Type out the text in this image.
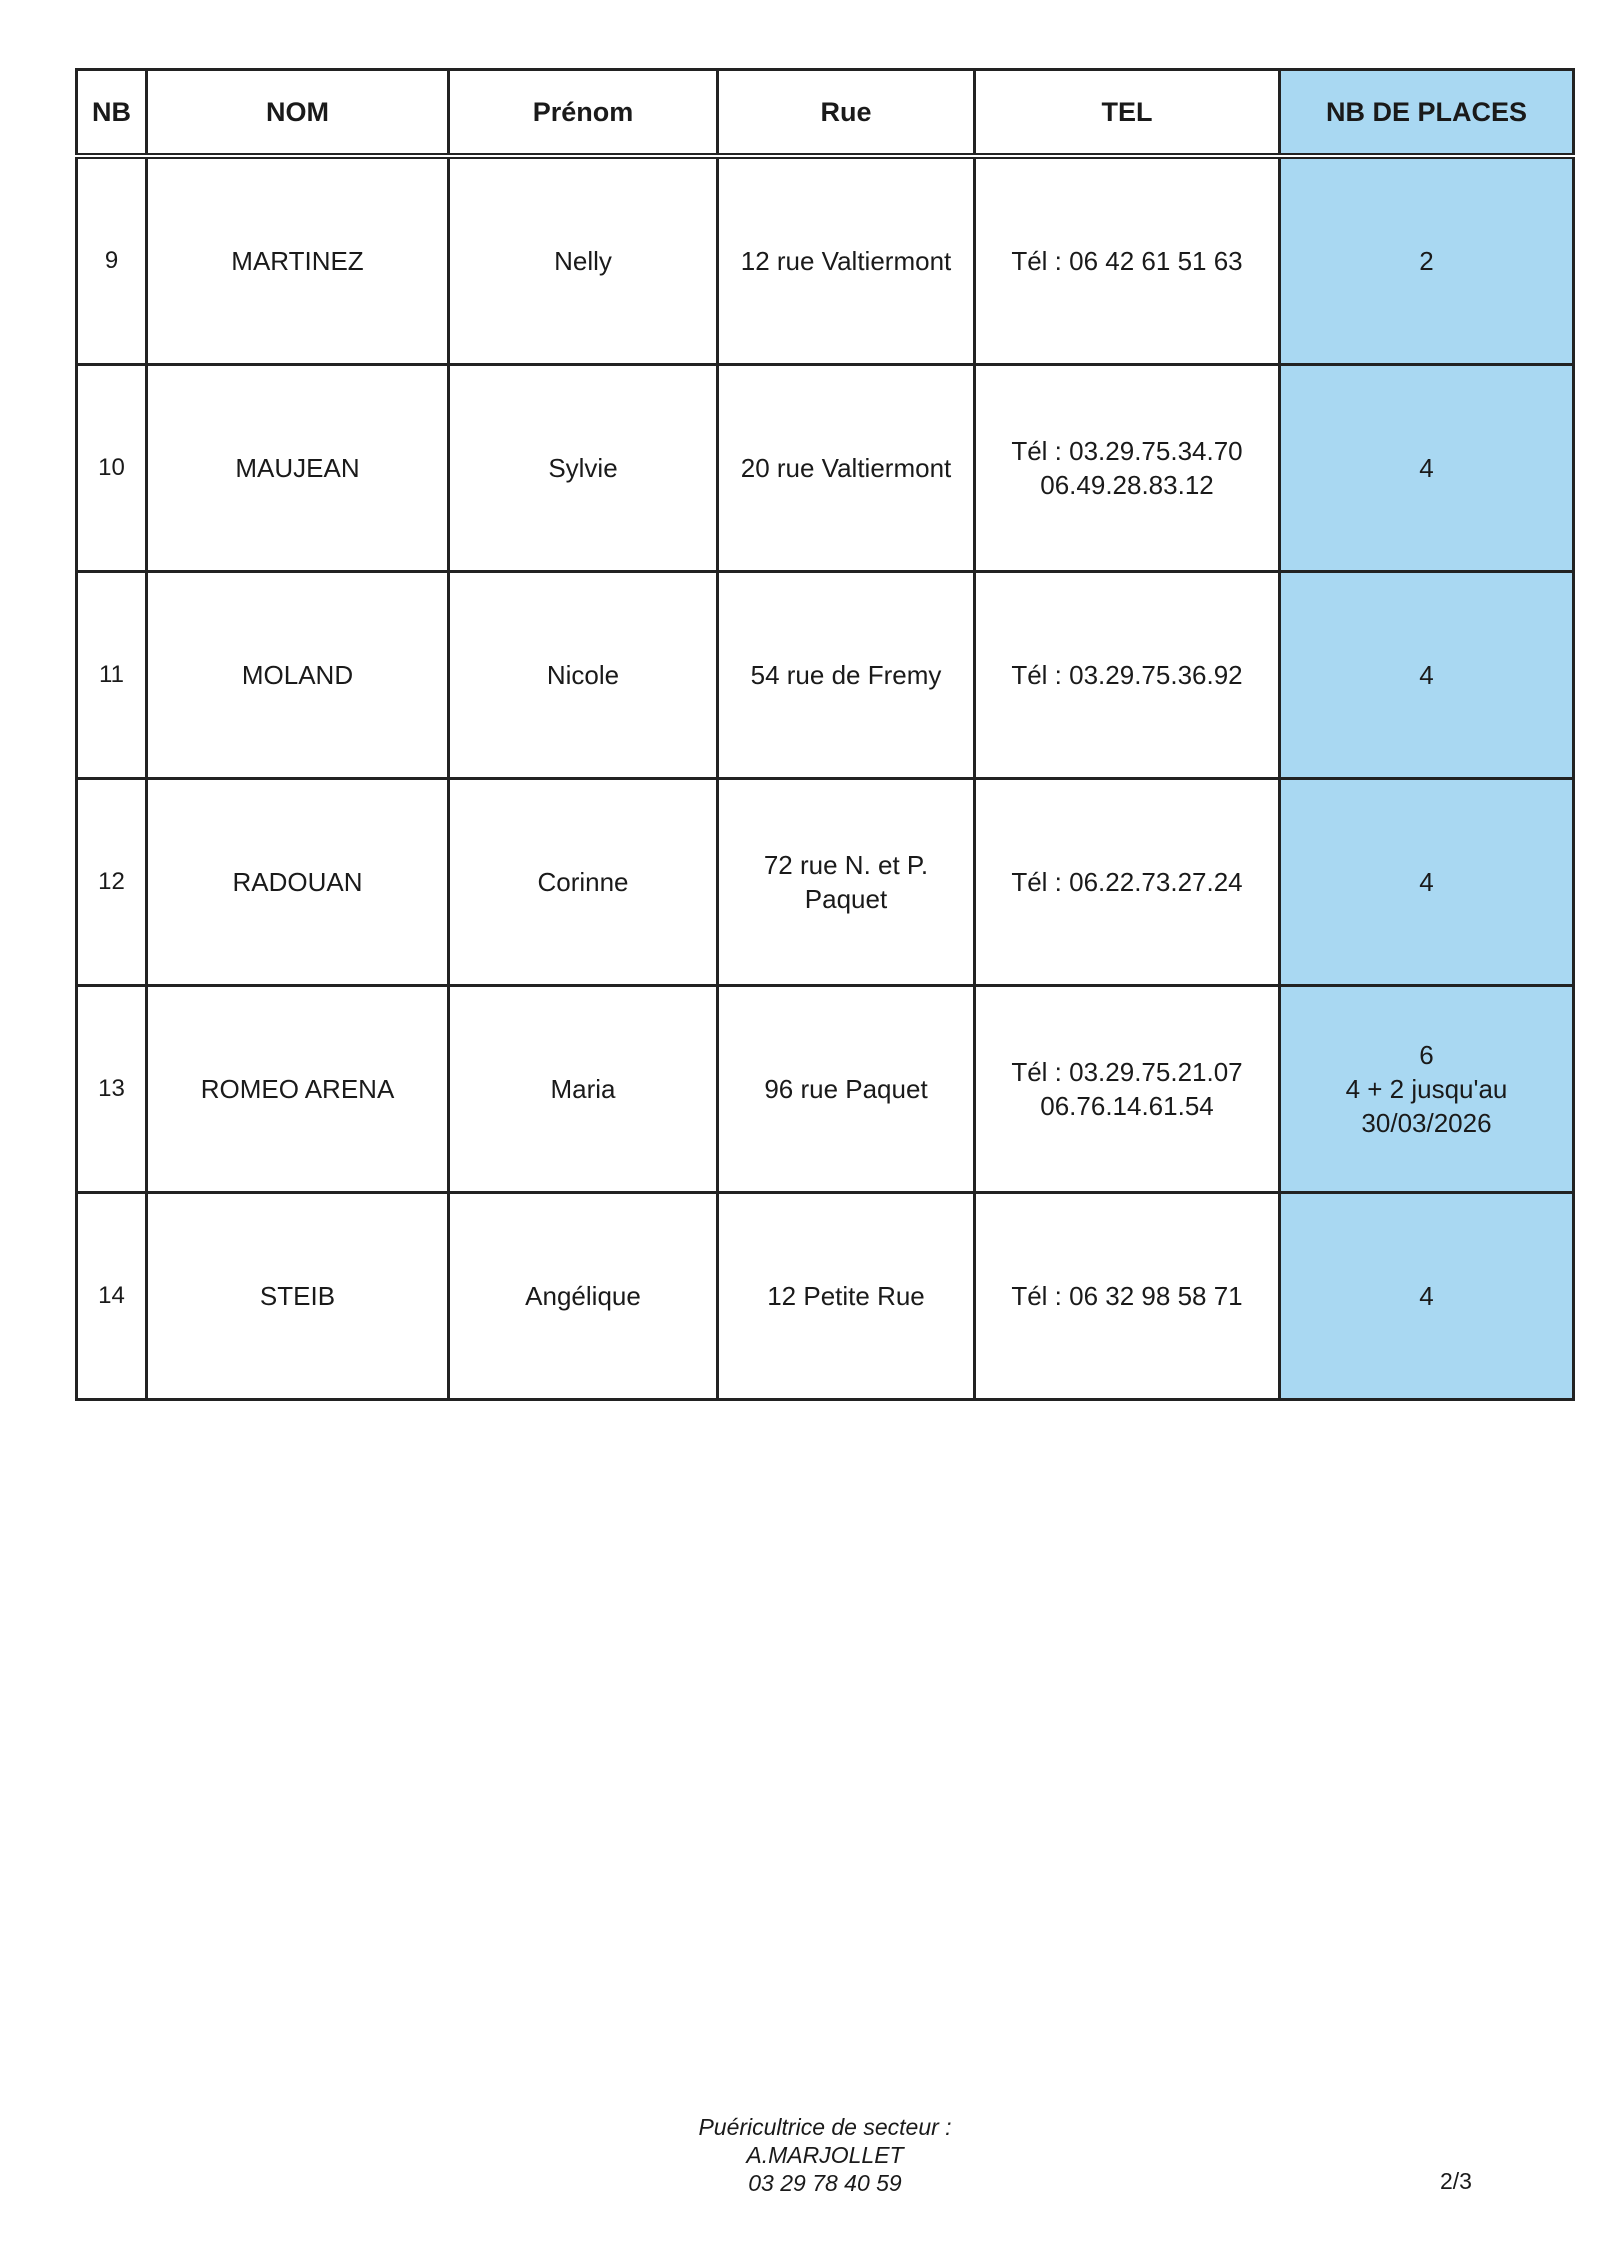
NB	NOM	Prénom	Rue	TEL	NB DE PLACES
9	MARTINEZ	Nelly	12 rue Valtiermont	Tél : 06 42 61 51 63	2

10	MAUJEAN	Sylvie	20 rue Valtiermont	Tél : 03.29.75.34.70
06.49.28.83.12	4

11	MOLAND	Nicole	54 rue de Fremy	Tél : 03.29.75.36.92	4

12	RADOUAN	Corinne	72 rue N. et P.
Paquet	Tél : 06.22.73.27.24	4

13	ROMEO ARENA	Maria	96 rue Paquet	Tél : 03.29.75.21.07
06.76.14.61.54	6
4 + 2 jusqu'au
30/03/2026

14	STEIB	Angélique	12 Petite Rue	Tél : 06 32 98 58 71	4
Puéricultrice de secteur :
A.MARJOLLET
03 29 78 40 59	2/3
